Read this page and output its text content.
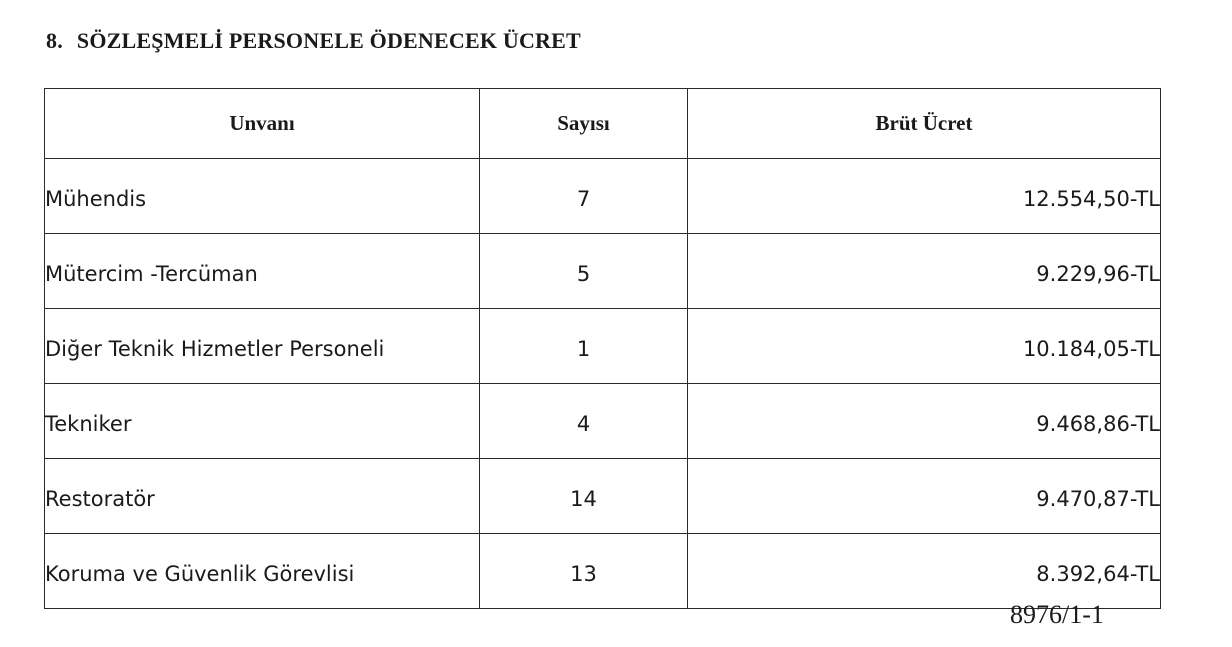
8. SÖZLEŞMELİ PERSONELE ÖDENECEK ÜCRET
Unvanı	Sayısı	Brüt Ücret
Mühendis	7	12.554,50-TL
Mütercim -Tercüman	5	9.229,96-TL
Diğer Teknik Hizmetler Personeli	1	10.184,05-TL
Tekniker	4	9.468,86-TL
Restoratör	14	9.470,87-TL
Koruma ve Güvenlik Görevlisi	13	8.392,64-TL
8976/1-1
